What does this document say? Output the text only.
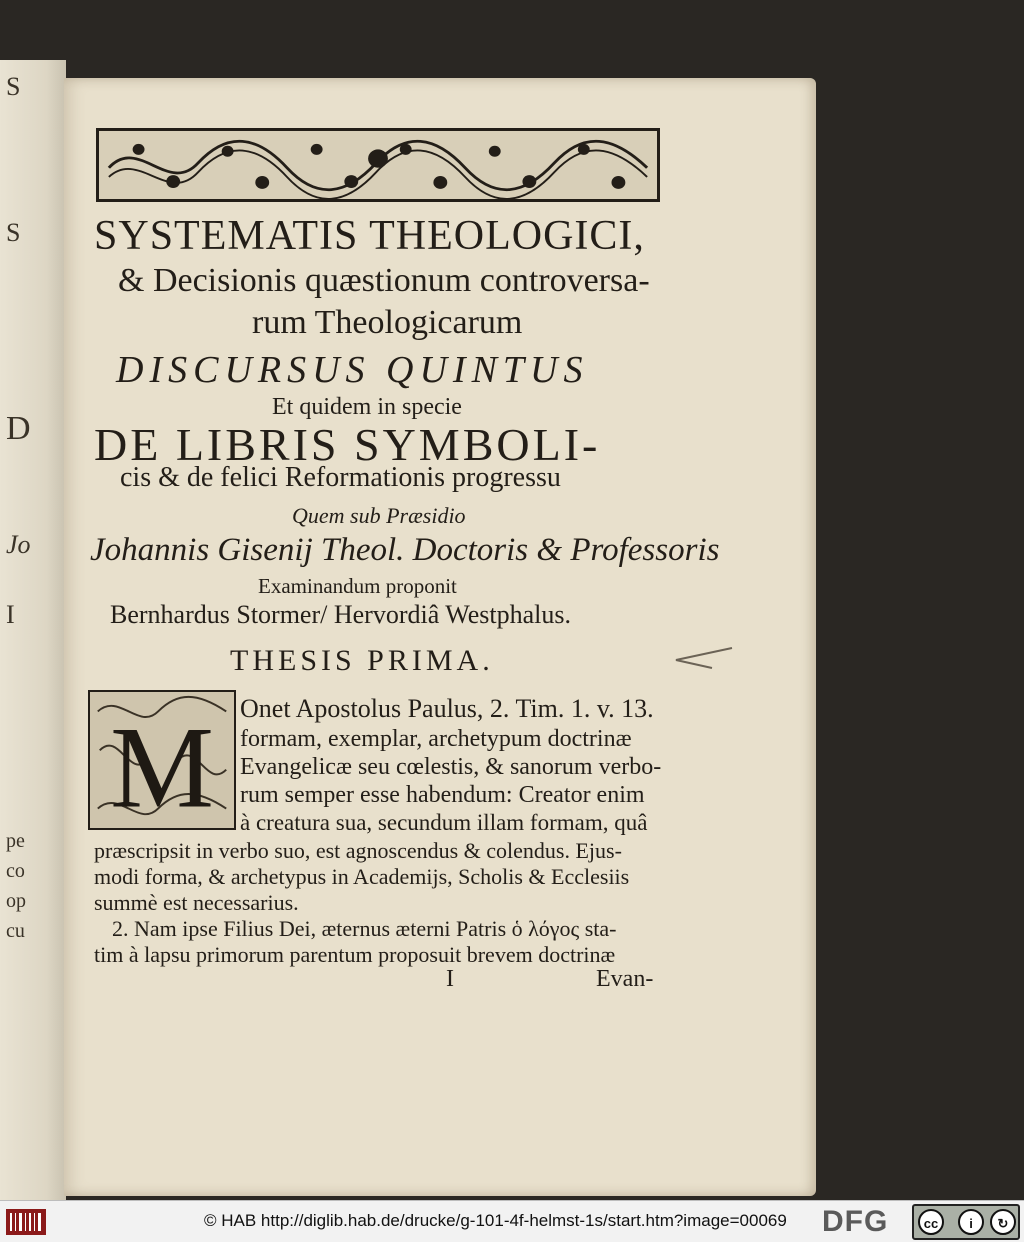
S
S
D
Jo
I
pe
co
op
cu
SYSTEMATIS THEOLOGICI,
& Decisionis quæstionum controversa-
rum Theologicarum
DISCURSUS QUINTUS
Et quidem in specie
DE LIBRIS SYMBOLI-
cis & de felici Reformationis progressu
Quem sub Præsidio
Johannis Gisenij Theol. Doctoris & Professoris
Examinandum proponit
Bernhardus Stormer/ Hervordiâ Westphalus.
THESIS PRIMA.
M Onet Apostolus Paulus, 2. Tim. 1. v. 13.
formam, exemplar, archetypum doctrinæ
Evangelicæ seu cœlestis, & sanorum verbo-
rum semper esse habendum: Creator enim
à creatura sua, secundum illam formam, quâ
præscripsit in verbo suo, est agnoscendus & colendus. Ejus-
modi forma, & archetypus in Academijs, Scholis & Ecclesiis
summè est necessarius.
2. Nam ipse Filius Dei, æternus æterni Patris ὁ λόγος sta-
tim à lapsu primorum parentum proposuit brevem doctrinæ
I	Evan-
© HAB http://diglib.hab.de/drucke/g-101-4f-helmst-1s/start.htm?image=00069 DFG	cc	i	↻
